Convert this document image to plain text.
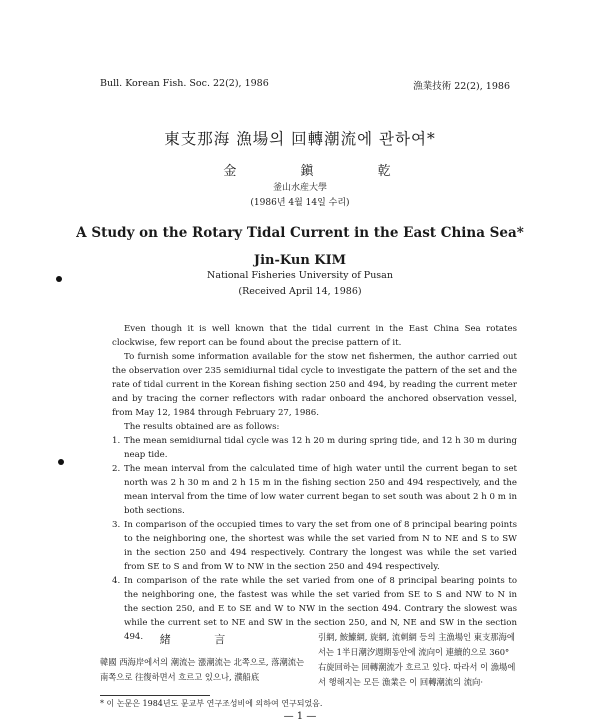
Bull. Korean Fish. Soc. 22(2), 1986	漁業技術 22(2), 1986
東支那海 漁場의 回轉潮流에 관하여*
金 鎭 乾
釜山水産大學
(1986년 4월 14일 수리)
A Study on the Rotary Tidal Current in the East China Sea*
Jin-Kun KIM
National Fisheries University of Pusan
(Received April 14, 1986)

Even though it is well known that the tidal current in the East China Sea rotates clockwise, few report can be found about the precise pattern of it.

To furnish some information available for the stow net fishermen, the author carried out the observation over 235 semidiurnal tidal cycle to investigate the pattern of the set and the rate of tidal current in the Korean fishing section 250 and 494, by reading the current meter and by tracing the corner reflectors with radar onboard the anchored observation vessel, from May 12, 1984 through February 27, 1986.

The results obtained are as follows:

1. The mean semidiurnal tidal cycle was 12 h 20 m during spring tide, and 12 h 30 m during neap tide.
2. The mean interval from the calculated time of high water until the current began to set north was 2 h 30 m and 2 h 15 m in the fishing section 250 and 494 respectively, and the mean interval from the time of low water current began to set south was about 2 h 0 m in both sections.
3. In comparison of the occupied times to vary the set from one of 8 principal bearing points to the neighboring one, the shortest was while the set varied from N to NE and S to SW in the section 250 and 494 respectively. Contrary the longest was while the set varied from SE to S and from W to NW in the section 250 and 494 respectively.
4. In comparison of the rate while the set varied from one of 8 principal bearing points to the neighboring one, the fastest was while the set varied from SE to S and NW to N in the section 250, and E to SE and W to NW in the section 494. Contrary the slowest was while the current set to NE and SW in the section 250, and N, NE and SW in the section 494.	緒 言

韓國 西海岸에서의 潮流는 漲潮流는 北쪽으로, 落潮流는 南쪽으로 往復하면서 흐르고 있으나, 濮船底

引網, 鮟鱇網, 旋網, 流刺網 등의 主漁場인 東支那海에서는 1半日潮汐週期동안에 流向이 連續的으로 360° 右旋回하는 回轉潮流가 흐르고 있다. 따라서 이 漁場에서 행해지는 모든 漁業은 이 回轉潮流의 流向·

* 이 논문은 1984년도 문교부 연구조성비에 의하여 연구되었음.
— 1 —
